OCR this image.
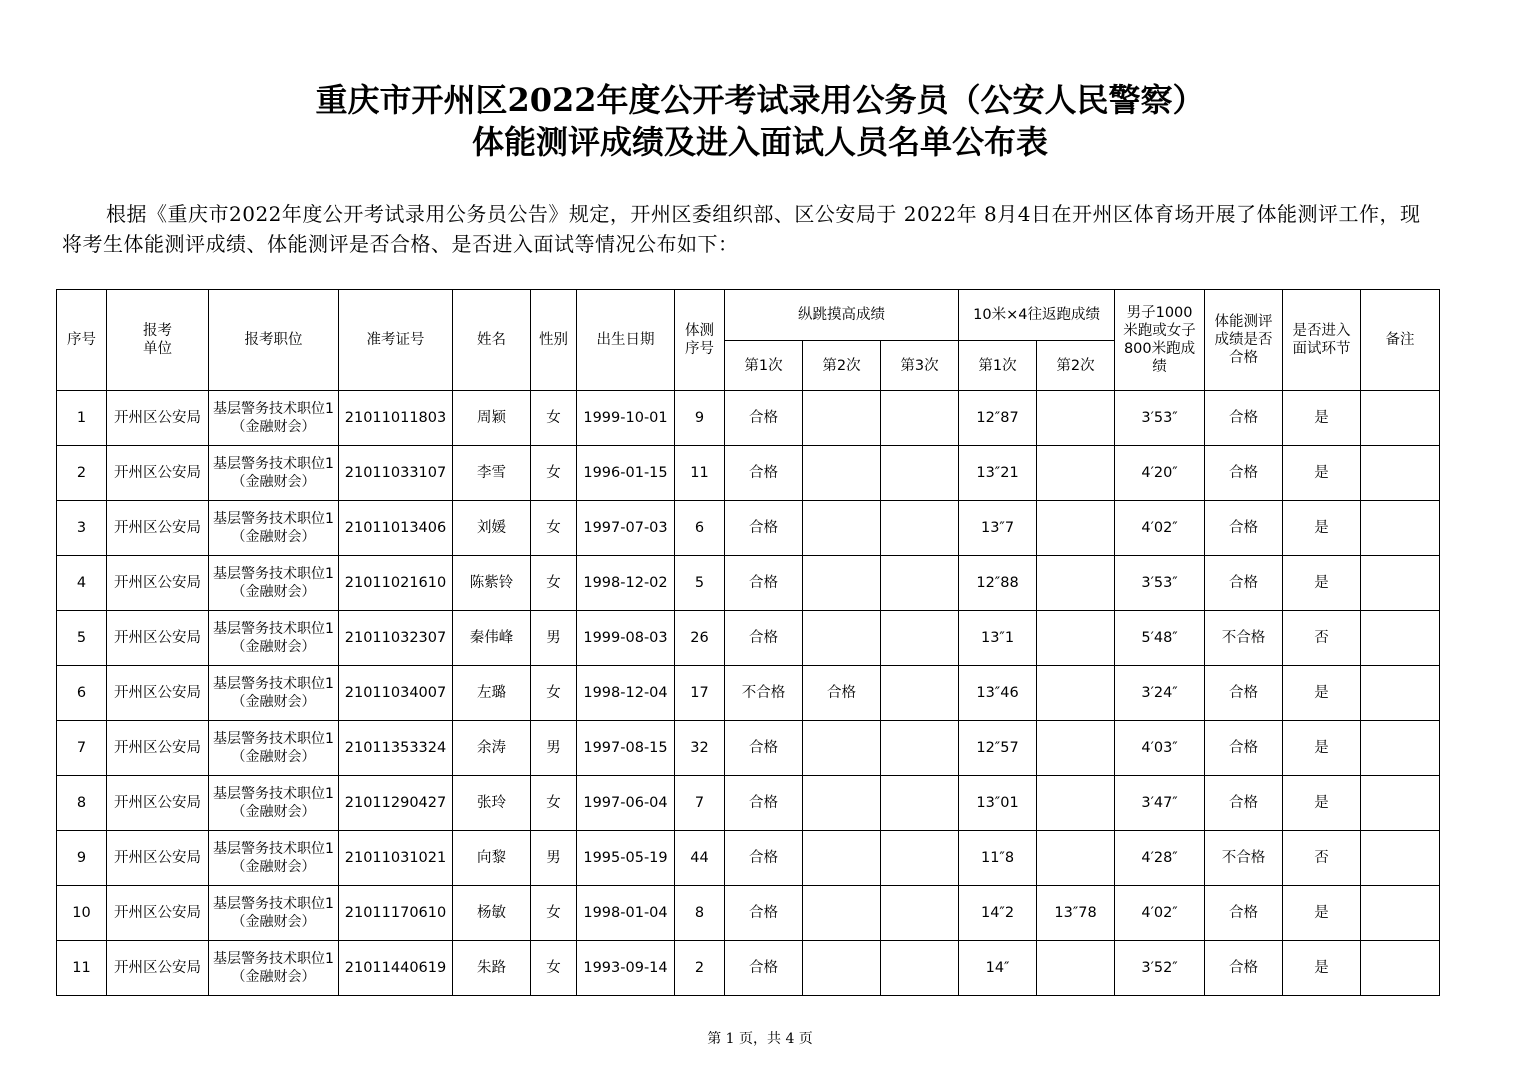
重庆市开州区2022年度公开考试录用公务员（公安人民警察）
体能测评成绩及进入面试人员名单公布表

根据《重庆市2022年度公开考试录用公务员公告》规定，开州区委组织部、区公安局于 2022年 8月4日在开州区体育场开展了体能测评工作，现将考生体能测评成绩、体能测评是否合格、是否进入面试等情况公布如下：

序号	报考单位	报考职位	准考证号	姓名	性别	出生日期	体测序号	纵跳摸高成绩			10米×4往返跑成绩		男子1000米跑或女子800米跑成绩	体能测评成绩是否合格	是否进入面试环节	备注
								第1次	第2次	第3次	第1次	第2次				
1	开州区公安局	基层警务技术职位1（金融财会）	21011011803	周颖	女	1999-10-01	9	合格			12″87		3′53″	合格	是	
2	开州区公安局	基层警务技术职位1（金融财会）	21011033107	李雪	女	1996-01-15	11	合格			13″21		4′20″	合格	是	
3	开州区公安局	基层警务技术职位1（金融财会）	21011013406	刘媛	女	1997-07-03	6	合格			13″7		4′02″	合格	是	
4	开州区公安局	基层警务技术职位1（金融财会）	21011021610	陈紫铃	女	1998-12-02	5	合格			12″88		3′53″	合格	是	
5	开州区公安局	基层警务技术职位1（金融财会）	21011032307	秦伟峰	男	1999-08-03	26	合格			13″1		5′48″	不合格	否	
6	开州区公安局	基层警务技术职位1（金融财会）	21011034007	左璐	女	1998-12-04	17	不合格	合格		13″46		3′24″	合格	是	
7	开州区公安局	基层警务技术职位1（金融财会）	21011353324	余涛	男	1997-08-15	32	合格			12″57		4′03″	合格	是	
8	开州区公安局	基层警务技术职位1（金融财会）	21011290427	张玲	女	1997-06-04	7	合格			13″01		3′47″	合格	是	
9	开州区公安局	基层警务技术职位1（金融财会）	21011031021	向黎	男	1995-05-19	44	合格			11″8		4′28″	不合格	否	
10	开州区公安局	基层警务技术职位1（金融财会）	21011170610	杨敏	女	1998-01-04	8	合格			14″2	13″78	4′02″	合格	是	
11	开州区公安局	基层警务技术职位1（金融财会）	21011440619	朱路	女	1993-09-14	2	合格			14″		3′52″	合格	是	
第 1 页，共 4 页
